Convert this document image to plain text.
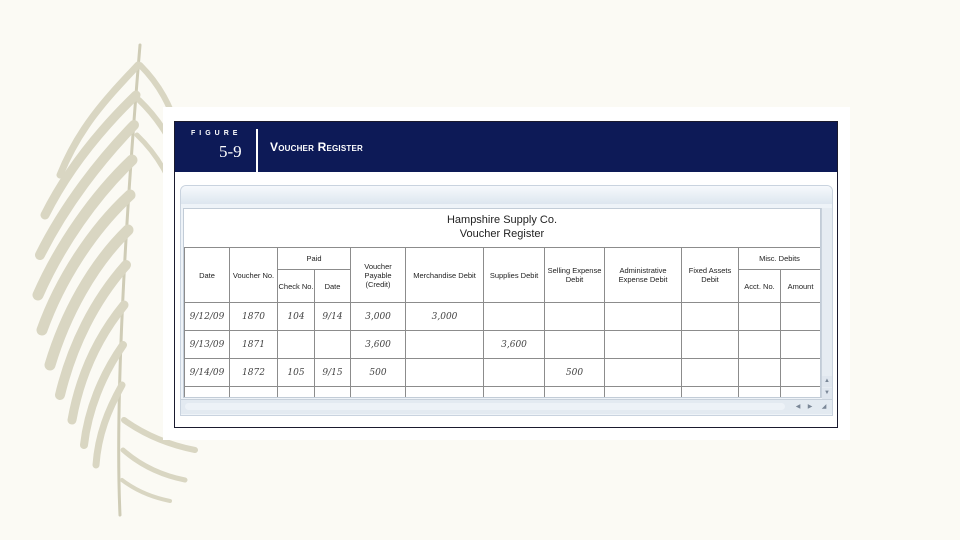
FIGURE
5-9 Voucher Register
Hampshire Supply Co.
Voucher Register
Date	Voucher No.	Paid		Voucher Payable (Credit)	Merchandise Debit	Supplies Debit	Selling Expense Debit	Administrative Expense Debit	Fixed Assets Debit	Misc. Debits	
		Check No.	Date							Acct. No.	Amount
9/12/09	1870	104	9/14	3,000	3,000						
9/13/09	1871			3,600		3,600					
9/14/09	1872	105	9/15	500			500				

▲
▼
◀	▶	◢
